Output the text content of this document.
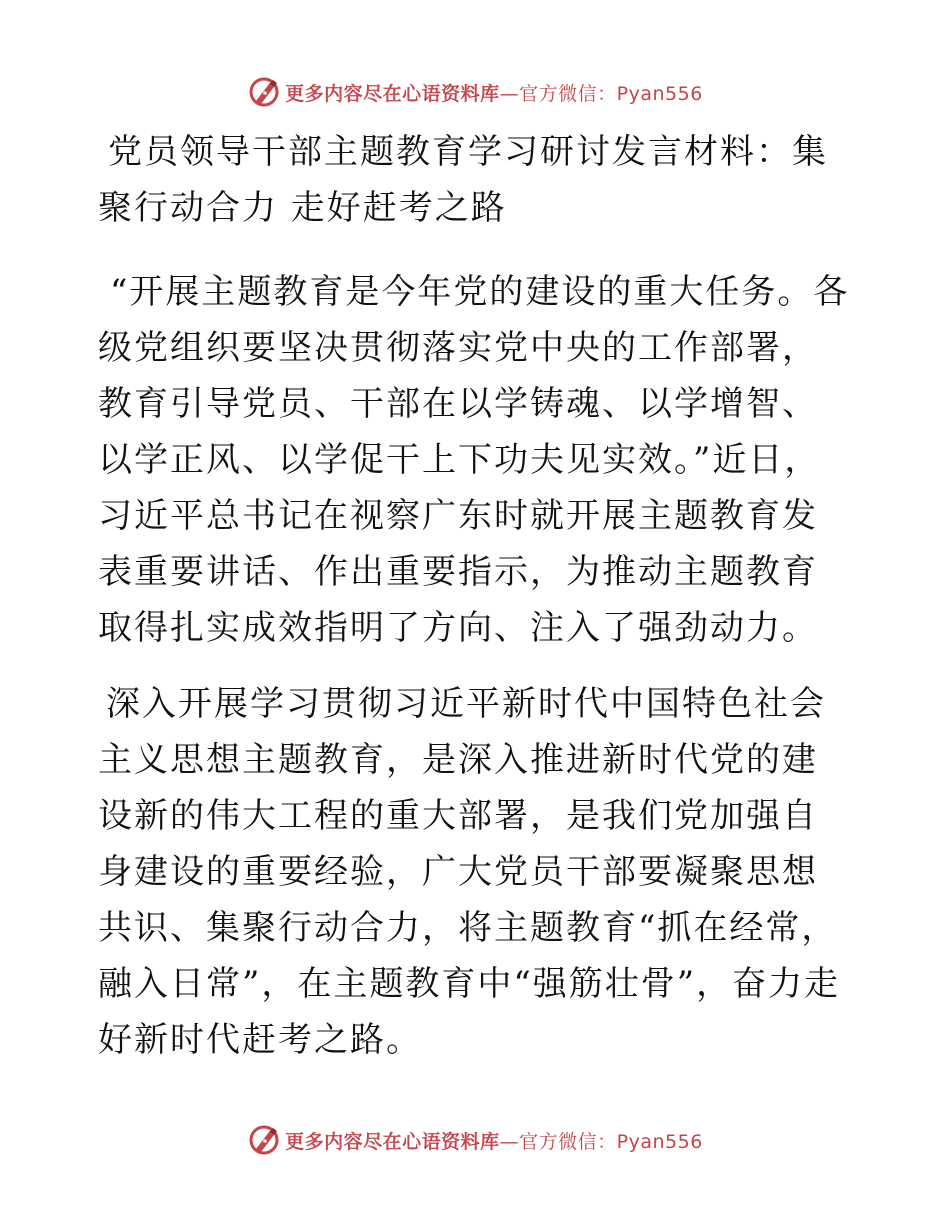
更多内容尽在心语资料库—官方微信：Pyan556

党员领导干部主题教育学习研讨发言材料：集聚行动合力 走好赶考之路

“开展主题教育是今年党的建设的重大任务。各级党组织要坚决贯彻落实党中央的工作部署，教育引导党员、干部在以学铸魂、以学增智、以学正风、以学促干上下功夫见实效。”近日，习近平总书记在视察广东时就开展主题教育发表重要讲话、作出重要指示，为推动主题教育取得扎实成效指明了方向、注入了强劲动力。

深入开展学习贯彻习近平新时代中国特色社会主义思想主题教育，是深入推进新时代党的建设新的伟大工程的重大部署，是我们党加强自身建设的重要经验，广大党员干部要凝聚思想共识、集聚行动合力，将主题教育“抓在经常，融入日常”，在主题教育中“强筋壮骨”，奋力走好新时代赶考之路。

更多内容尽在心语资料库—官方微信：Pyan556
